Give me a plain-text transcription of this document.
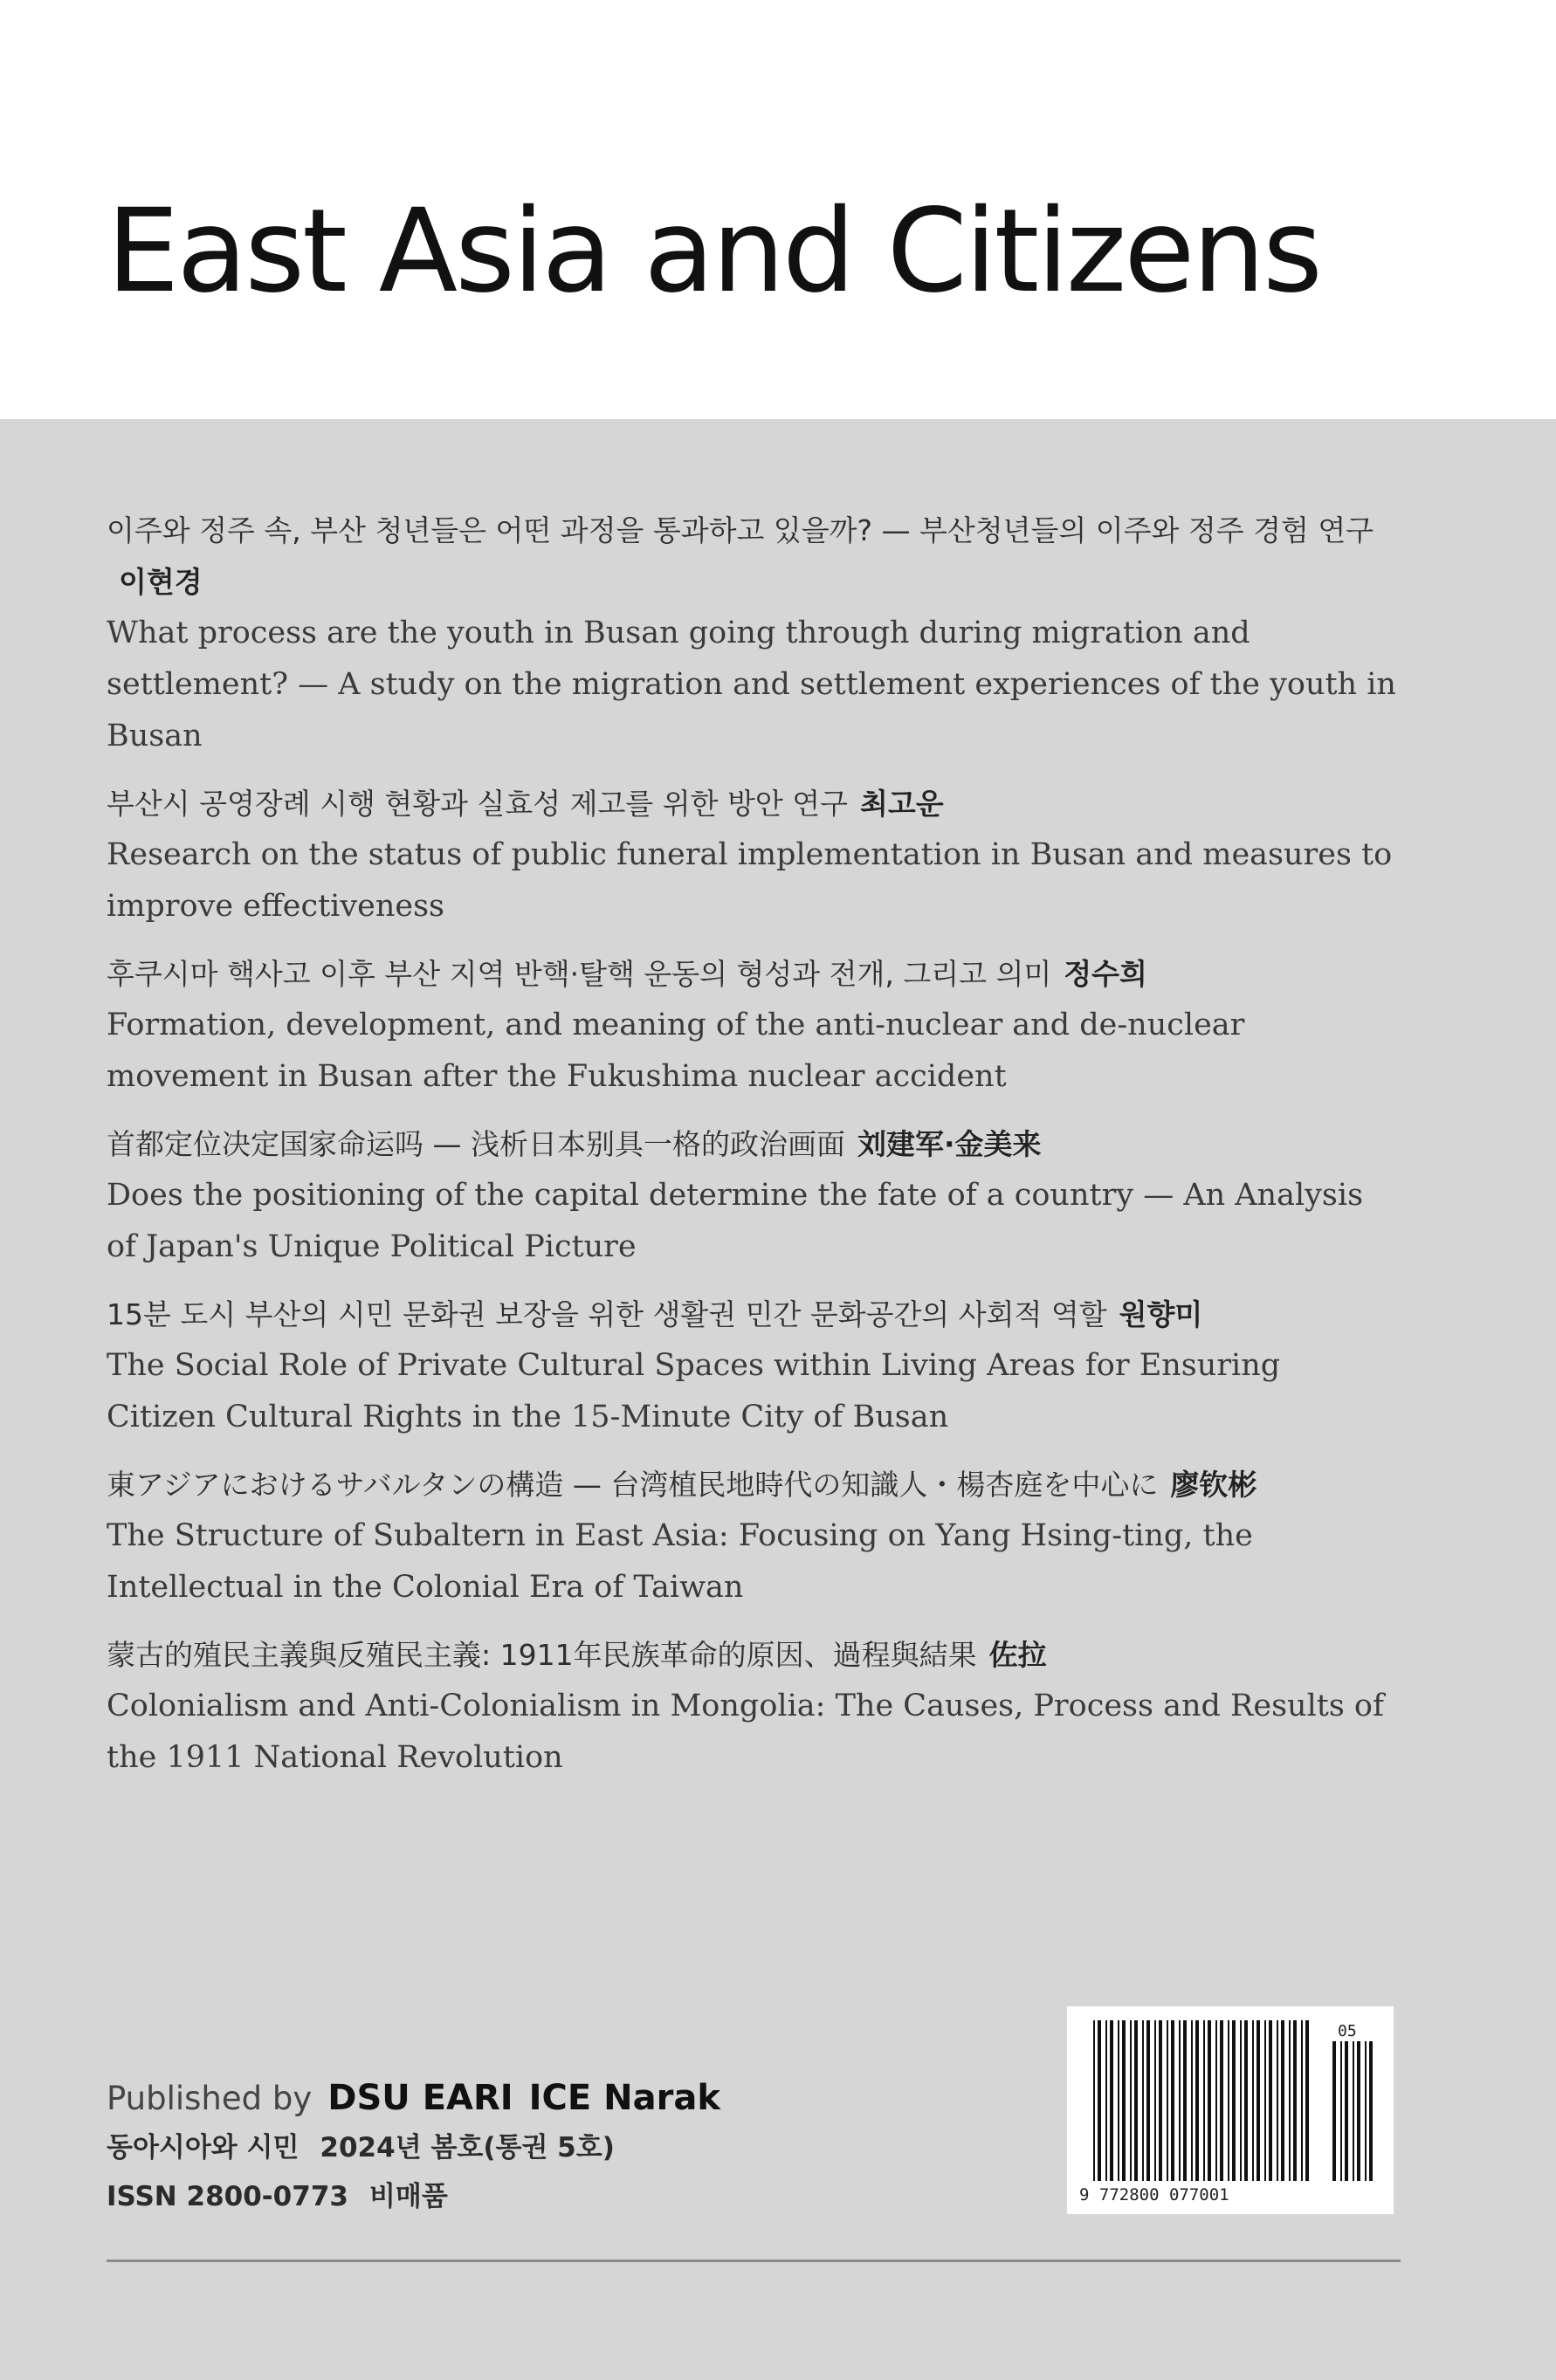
East Asia and Citizens

이주와 정주 속, 부산 청년들은 어떤 과정을 통과하고 있을까? — 부산청년들의 이주와 정주 경험 연구이현경

What process are the youth in Busan going through during migration and settlement? — A study on the migration and settlement experiences of the youth in Busan

부산시 공영장례 시행 현황과 실효성 제고를 위한 방안 연구 최고운

Research on the status of public funeral implementation in Busan and measures to improve effectiveness

후쿠시마 핵사고 이후 부산 지역 반핵·탈핵 운동의 형성과 전개, 그리고 의미 정수희

Formation, development, and meaning of the anti-nuclear and de-nuclear movement in Busan after the Fukushima nuclear accident

首都定位决定国家命运吗 — 浅析日本别具一格的政治画面 刘建军·金美来

Does the positioning of the capital determine the fate of a country — An Analysis of Japan's Unique Political Picture

15분 도시 부산의 시민 문화권 보장을 위한 생활권 민간 문화공간의 사회적 역할 원향미

The Social Role of Private Cultural Spaces within Living Areas for Ensuring Citizen Cultural Rights in the 15-Minute City of Busan

東アジアにおけるサバルタンの構造 — 台湾植民地時代の知識人・楊杏庭を中心に 廖钦彬

The Structure of Subaltern in East Asia: Focusing on Yang Hsing-ting, the Intellectual in the Colonial Era of Taiwan

蒙古的殖民主義與反殖民主義: 1911年民族革命的原因、過程與結果 佐拉

Colonialism and Anti-Colonialism in Mongolia: The Causes, Process and Results of the 1911 National Revolution

Published by DSU EARI ICE Narak
동아시아와 시민 2024년 봄호(통권 5호)
ISSN 2800-0773 비매품	9 772800 077001
05
